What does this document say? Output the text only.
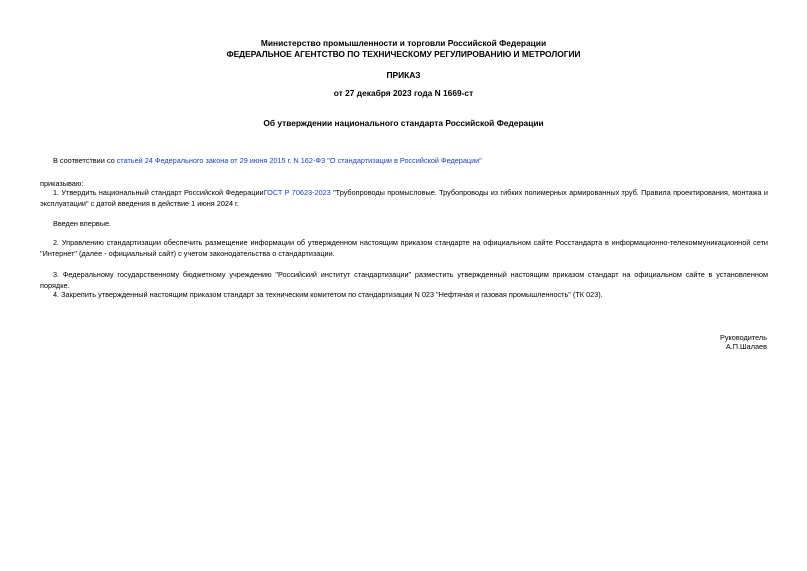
Министерство промышленности и торговли Российской Федерации
ФЕДЕРАЛЬНОЕ АГЕНТСТВО ПО ТЕХНИЧЕСКОМУ РЕГУЛИРОВАНИЮ И МЕТРОЛОГИИ
ПРИКАЗ
от 27 декабря 2023 года N 1669-ст
Об утверждении национального стандарта Российской Федерации
В соответствии со статьей 24 Федерального закона от 29 июня 2015 г. N 162-ФЗ "О стандартизации в Российской Федерации"
приказываю:
1. Утвердить национальный стандарт Российской ФедерацииГОСТ Р 70623-2023 "Трубопроводы промысловые. Трубопроводы из гибких полимерных армированных труб. Правила проектирования, монтажа и эксплуатации" с датой введения в действие 1 июня 2024 г.
Введен впервые.
2. Управлению стандартизации обеспечить размещение информации об утвержденном настоящим приказом стандарте на официальном сайте Росстандарта в информационно-телекоммуникационной сети "Интернет" (далее - официальный сайт) с учетом законодательства о стандартизации.
3. Федеральному государственному бюджетному учреждению "Российский институт стандартизации" разместить утвержденный настоящим приказом стандарт на официальном сайте в установленном порядке.
4. Закрепить утвержденный настоящим приказом стандарт за техническим комитетом по стандартизации N 023 "Нефтяная и газовая промышленность" (ТК 023).
Руководитель
А.П.Шалаев
